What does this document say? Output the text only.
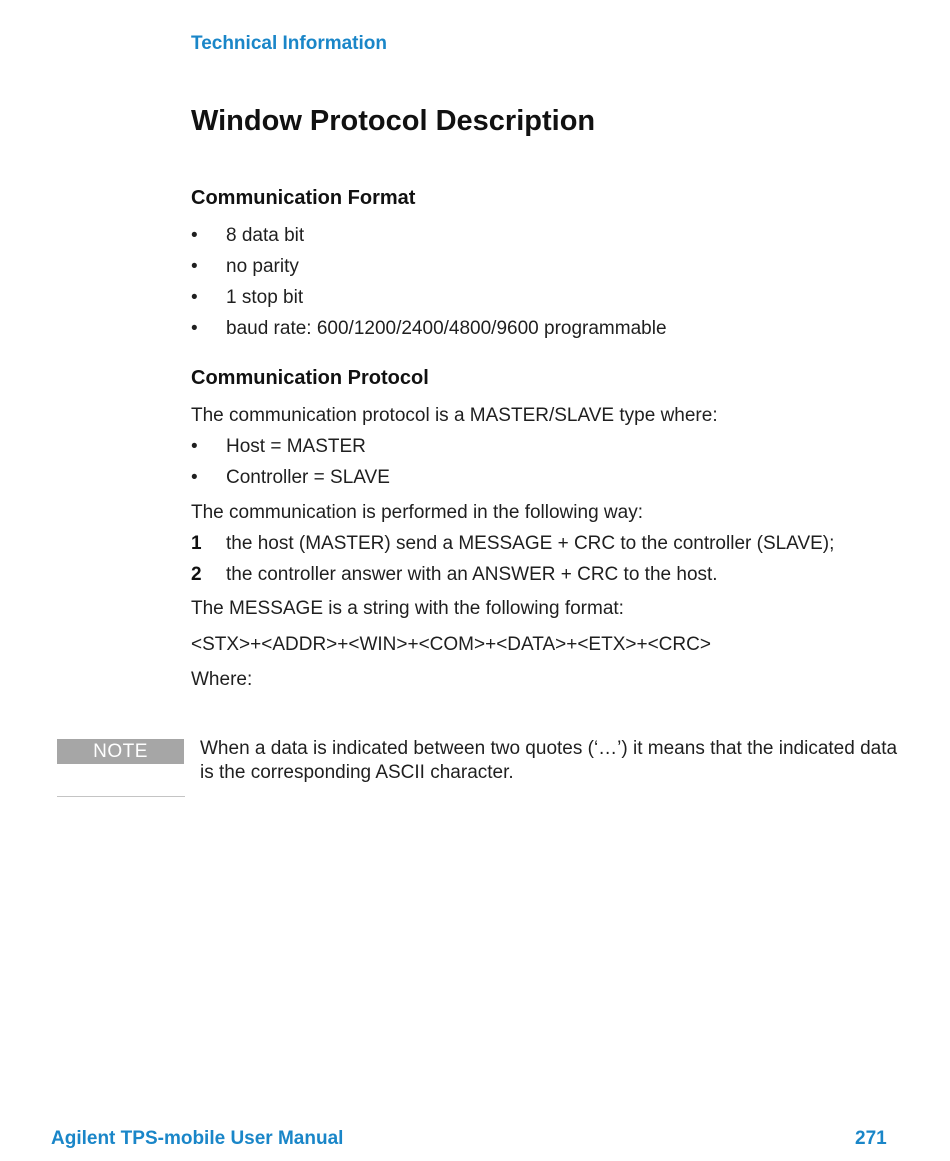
Technical Information
Window Protocol Description
Communication Format
•	8 data bit
•	no parity
•	1 stop bit
•	baud rate: 600/1200/2400/4800/9600 programmable
Communication Protocol
The communication protocol is a MASTER/SLAVE type where:
•	Host = MASTER
•	Controller = SLAVE
The communication is performed in the following way:
1 the host (MASTER) send a MESSAGE + CRC to the controller (SLAVE);
2 the controller answer with an ANSWER + CRC to the host.
The MESSAGE is a string with the following format:
<STX>+<ADDR>+<WIN>+<COM>+<DATA>+<ETX>+<CRC>
Where:
NOTE	When a data is indicated between two quotes (‘…’) it means that the indicated data is the corresponding ASCII character.
Agilent TPS-mobile User Manual	271
